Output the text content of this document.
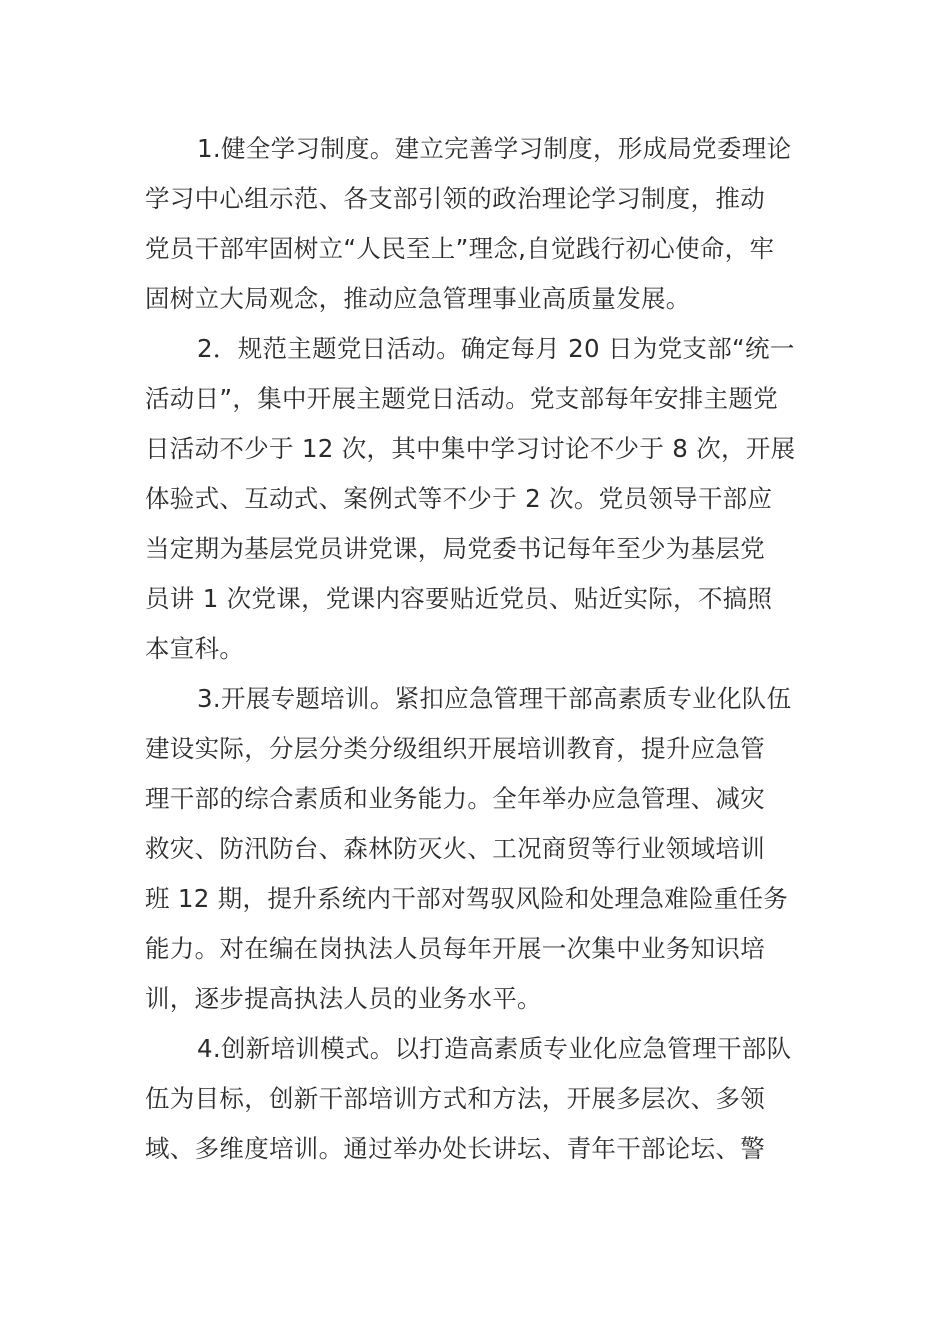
1.健全学习制度。建立完善学习制度，形成局党委理论
学习中心组示范、各支部引领的政治理论学习制度，推动
党员干部牢固树立“人民至上”理念,自觉践行初心使命，牢
固树立大局观念，推动应急管理事业高质量发展。
2．规范主题党日活动。确定每月 20 日为党支部“统一
活动日”，集中开展主题党日活动。党支部每年安排主题党
日活动不少于 12 次，其中集中学习讨论不少于 8 次，开展
体验式、互动式、案例式等不少于 2 次。党员领导干部应
当定期为基层党员讲党课，局党委书记每年至少为基层党
员讲 1 次党课，党课内容要贴近党员、贴近实际，不搞照
本宣科。
3.开展专题培训。紧扣应急管理干部高素质专业化队伍
建设实际，分层分类分级组织开展培训教育，提升应急管
理干部的综合素质和业务能力。全年举办应急管理、减灾
救灾、防汛防台、森林防灭火、工况商贸等行业领域培训
班 12 期，提升系统内干部对驾驭风险和处理急难险重任务
能力。对在编在岗执法人员每年开展一次集中业务知识培
训，逐步提高执法人员的业务水平。
4.创新培训模式。以打造高素质专业化应急管理干部队
伍为目标，创新干部培训方式和方法，开展多层次、多领
域、多维度培训。通过举办处长讲坛、青年干部论坛、警
